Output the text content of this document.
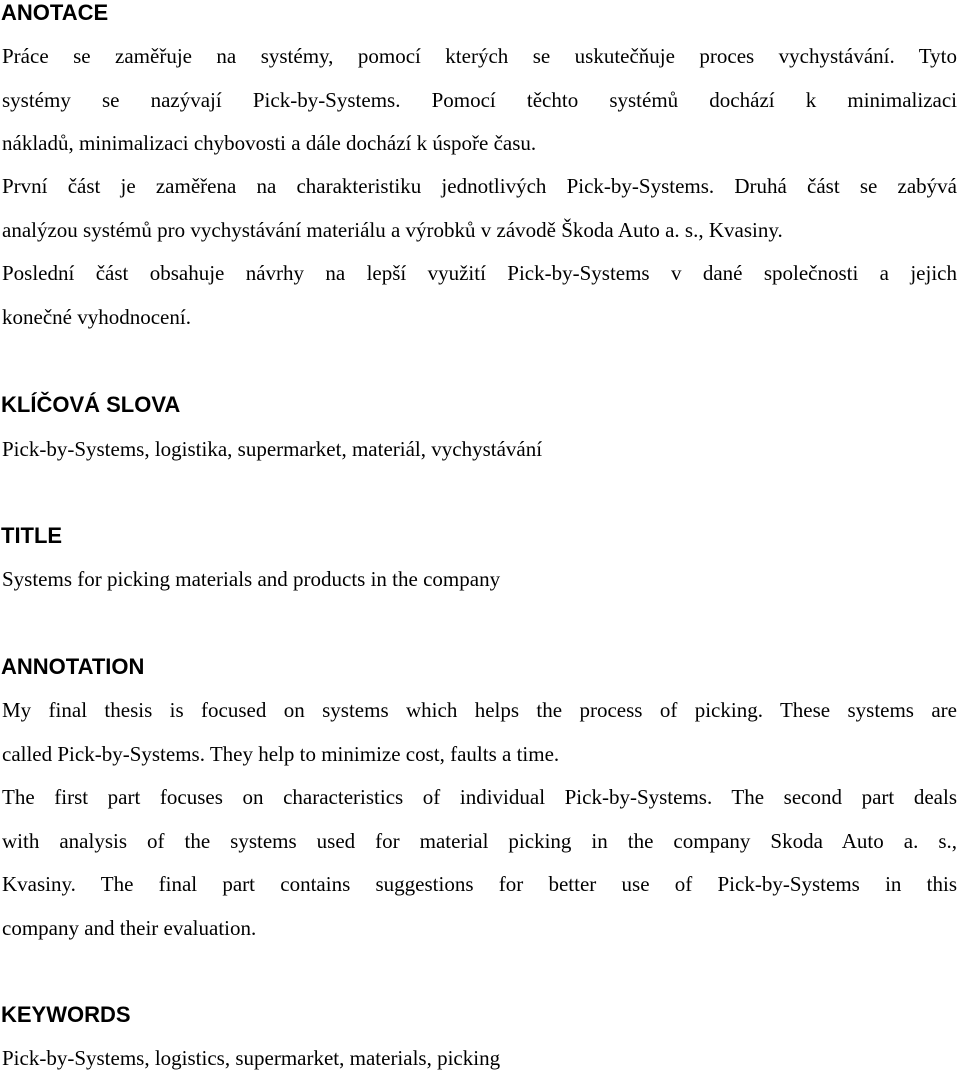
ANOTACE

Práce se zaměřuje na systémy, pomocí kterých se uskutečňuje proces vychystávání. Tyto

systémy se nazývají Pick-by-Systems. Pomocí těchto systémů dochází k minimalizaci

nákladů, minimalizaci chybovosti a dále dochází k úspoře času.

První část je zaměřena na charakteristiku jednotlivých Pick-by-Systems. Druhá část se zabývá

analýzou systémů pro vychystávání materiálu a výrobků v závodě Škoda Auto a. s., Kvasiny.

Poslední část obsahuje návrhy na lepší využití Pick-by-Systems v dané společnosti a jejich

konečné vyhodnocení.

KLÍČOVÁ SLOVA

Pick-by-Systems, logistika, supermarket, materiál, vychystávání

TITLE

Systems for picking materials and products in the company

ANNOTATION

My final thesis is focused on systems which helps the process of picking. These systems are

called Pick-by-Systems. They help to minimize cost, faults a time.

The first part focuses on characteristics of individual Pick-by-Systems. The second part deals

with analysis of the systems used for material picking in the company Skoda Auto a. s.,

Kvasiny. The final part contains suggestions for better use of Pick-by-Systems in this

company and their evaluation.

KEYWORDS

Pick-by-Systems, logistics, supermarket, materials, picking
